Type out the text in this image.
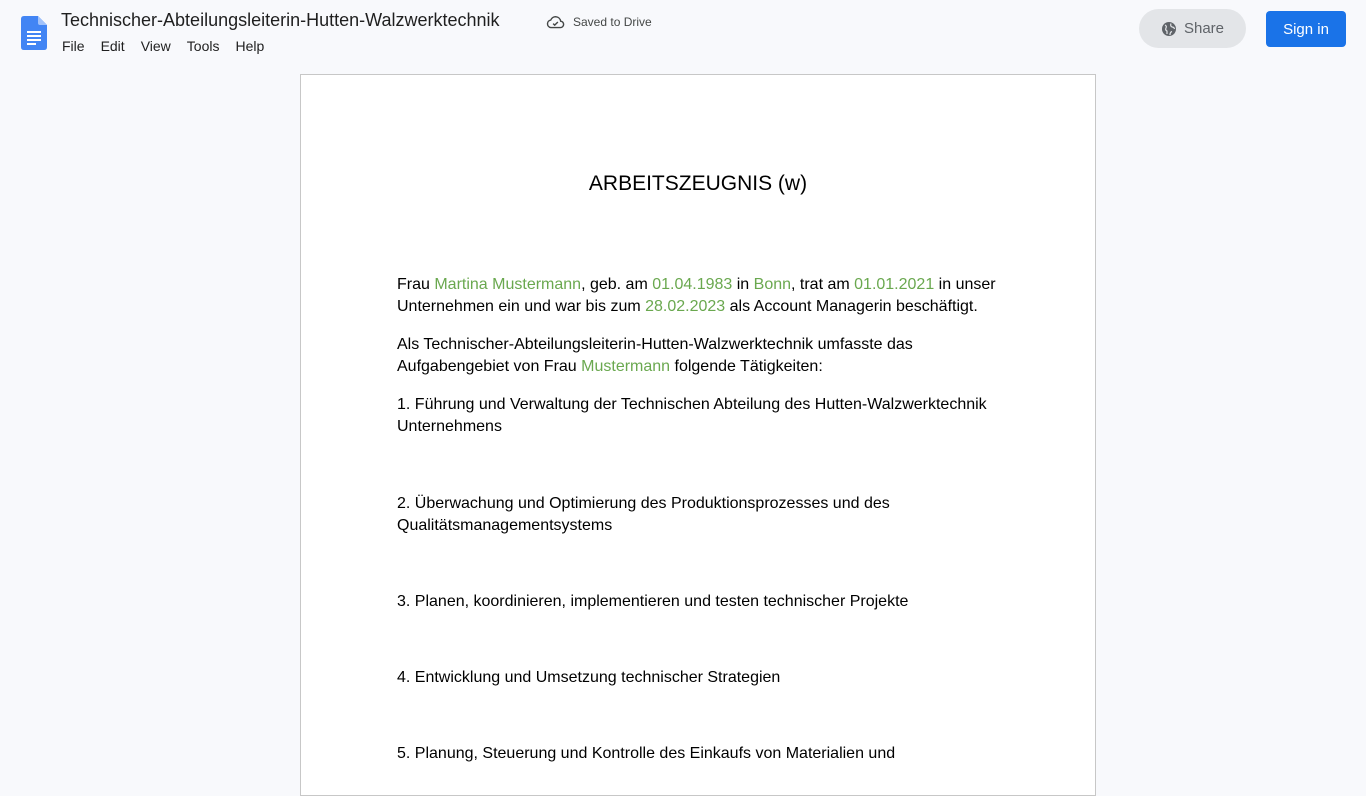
Technischer-Abteilungsleiterin-Hutten-Walzwerktechnik	Saved to Drive
File	Edit	View	Tools	Help
Share	Sign in
ARBEITSZEUGNIS (w)
Frau Martina Mustermann, geb. am 01.04.1983 in Bonn, trat am 01.01.2021 in unser Unternehmen ein und war bis zum 28.02.2023 als Account Managerin beschäftigt.
Als Technischer-Abteilungsleiterin-Hutten-Walzwerktechnik umfasste das Aufgabengebiet von Frau Mustermann folgende Tätigkeiten:
1. Führung und Verwaltung der Technischen Abteilung des Hutten-Walzwerktechnik Unternehmens
2. Überwachung und Optimierung des Produktionsprozesses und des Qualitätsmanagementsystems
3. Planen, koordinieren, implementieren und testen technischer Projekte
4. Entwicklung und Umsetzung technischer Strategien
5. Planung, Steuerung und Kontrolle des Einkaufs von Materialien und
